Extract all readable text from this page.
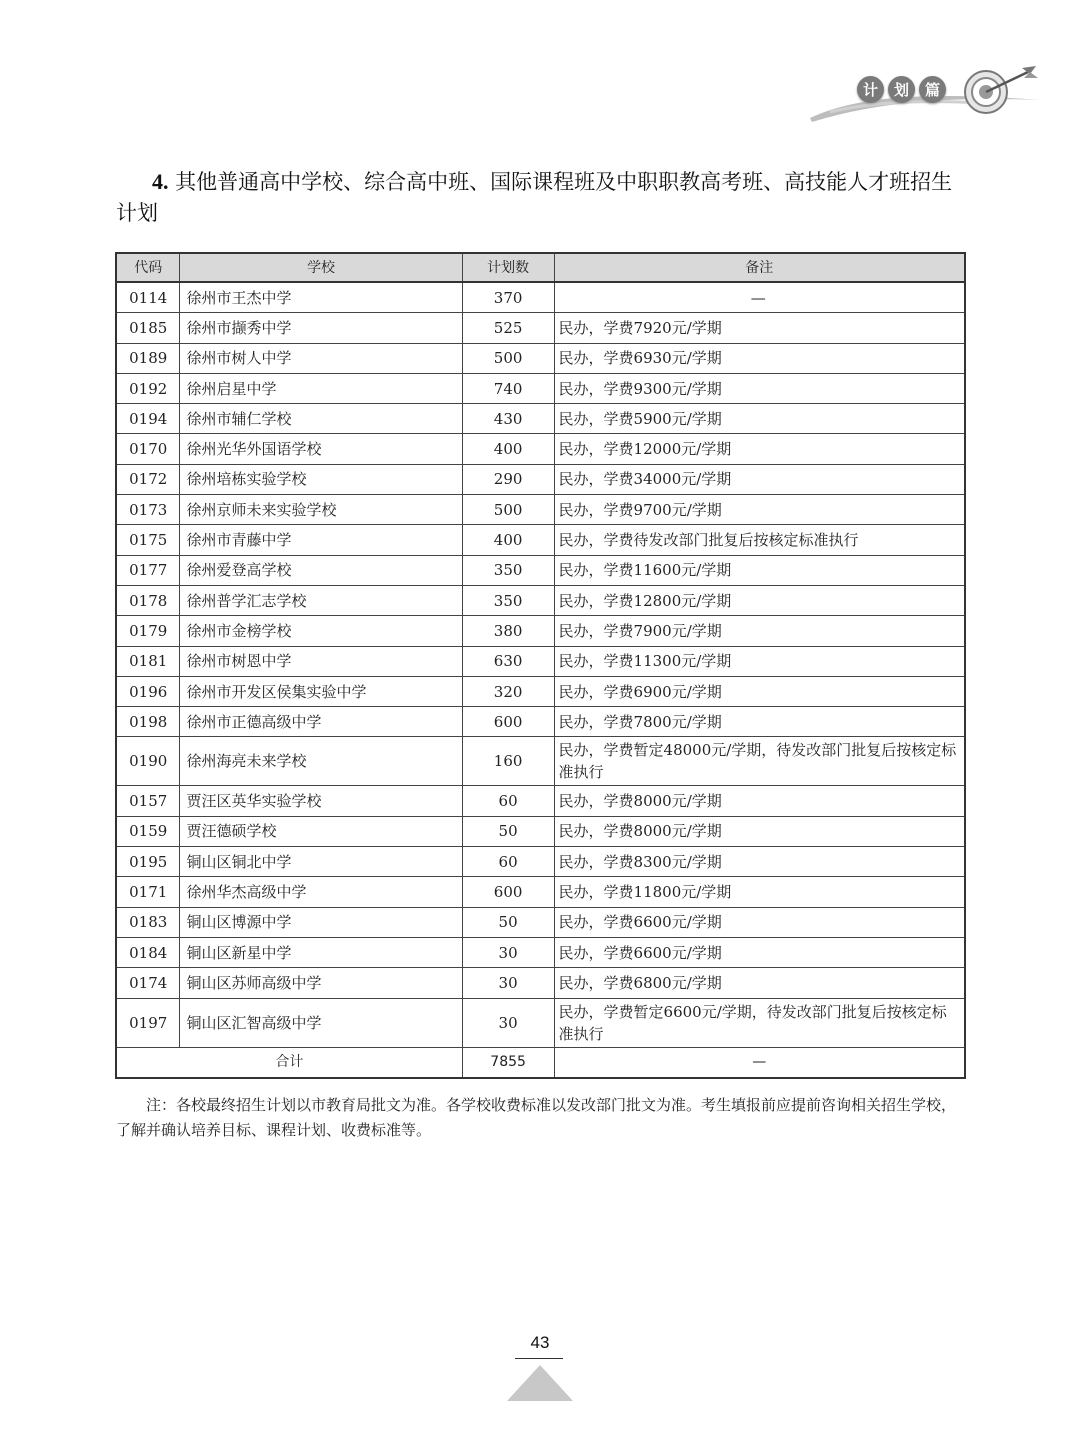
计	划	篇
4. 其他普通高中学校、综合高中班、国际课程班及中职职教高考班、高技能人才班招生计划
代码	学校	计划数	备注
0114	徐州市王杰中学	370	—
0185	徐州市撷秀中学	525	民办，学费7920元/学期
0189	徐州市树人中学	500	民办，学费6930元/学期
0192	徐州启星中学	740	民办，学费9300元/学期
0194	徐州市辅仁学校	430	民办，学费5900元/学期
0170	徐州光华外国语学校	400	民办，学费12000元/学期
0172	徐州培栋实验学校	290	民办，学费34000元/学期
0173	徐州京师未来实验学校	500	民办，学费9700元/学期
0175	徐州市青藤中学	400	民办，学费待发改部门批复后按核定标准执行
0177	徐州爱登高学校	350	民办，学费11600元/学期
0178	徐州普学汇志学校	350	民办，学费12800元/学期
0179	徐州市金榜学校	380	民办，学费7900元/学期
0181	徐州市树恩中学	630	民办，学费11300元/学期
0196	徐州市开发区侯集实验中学	320	民办，学费6900元/学期
0198	徐州市正德高级中学	600	民办，学费7800元/学期
0190	徐州海亮未来学校	160	民办，学费暂定48000元/学期，待发改部门批复后按核定标准执行
0157	贾汪区英华实验学校	60	民办，学费8000元/学期
0159	贾汪德硕学校	50	民办，学费8000元/学期
0195	铜山区铜北中学	60	民办，学费8300元/学期
0171	徐州华杰高级中学	600	民办，学费11800元/学期
0183	铜山区博源中学	50	民办，学费6600元/学期
0184	铜山区新星中学	30	民办，学费6600元/学期
0174	铜山区苏师高级中学	30	民办，学费6800元/学期
0197	铜山区汇智高级中学	30	民办，学费暂定6600元/学期，待发改部门批复后按核定标准执行
合计		7855	—
注：各校最终招生计划以市教育局批文为准。各学校收费标准以发改部门批文为准。考生填报前应提前咨询相关招生学校，了解并确认培养目标、课程计划、收费标准等。
43
